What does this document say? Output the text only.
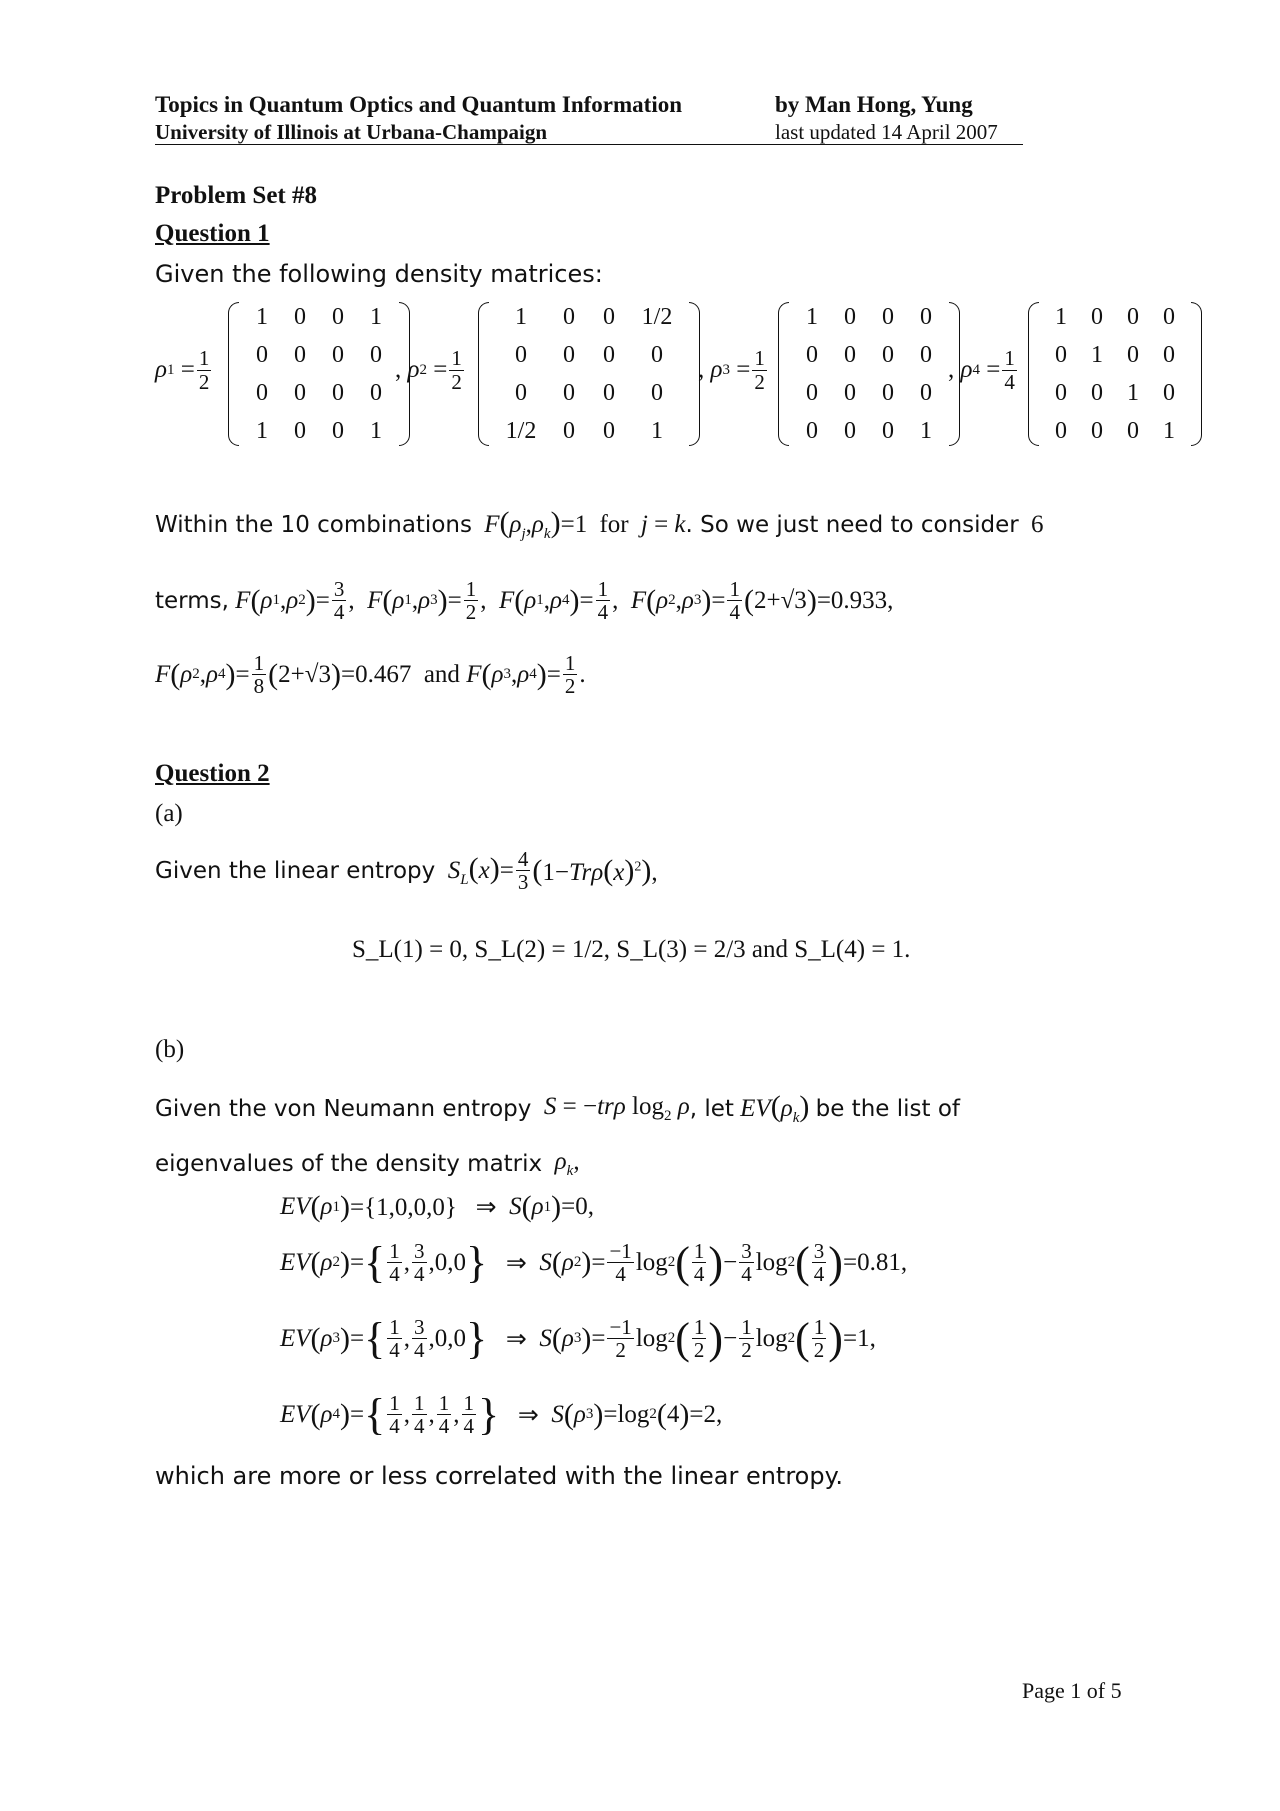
Topics in Quantum Optics and Quantum Information	by Man Hong, Yung
University of Illinois at Urbana-Champaign	last updated 14 April 2007
Problem Set #8
Question 1
Given the following density matrices:
ρ $1 = \frac{1}{2}$
1	0	0	1
0	0	0	0
0	0	0	0
1	0	0	1
, ρ $2 = \frac{1}{2}$
1	0	0	1/2
0	0	0	0
0	0	0	0
1/2	0	0	1
, ρ $3 = \frac{1}{2}$
1	0	0	0
0	0	0	0
0	0	0	0
0	0	0	1
, ρ $4 = \frac{1}{4}$
1	0	0	0
0	1	0	0
0	0	1	0
0	0	0	1
Within the 10 combinations $F(\rho_j,\rho_k)=1$  for j = k. So we just need to consider 6
terms,
F ( ρ 1 , ρ 2 ) = $\frac{3}{4}$ , F ( ρ 1 , ρ 3 ) = $\frac{1}{2}$ , F ( ρ 1 , ρ 4 ) = $\frac{1}{4}$ , F ( ρ 2 , ρ 3 ) = $\frac{1}{4}$ ( 2+√3 ) = 0.933 ,
F ( ρ 2 , ρ 4 ) = $\frac{1}{8}$ ( 2+√3 ) = 0.467
and
F ( ρ 3 , ρ 4 ) = $\frac{1}{2}$ .
Question 2
(a)
Given the linear entropy $S_L(x)= \frac{4}{3} (1-Tr\rho(x)^2)$,
S_L(1) = 0, S_L(2) = 1/2, S_L(3) = 2/3 and S_L(4) = 1.
(b)
Given the von Neumann entropy S = −trρ $\log_2 \rho$ , let $EV(\rho_k)$ be the list of
eigenvalues of the density matrix $\rho_k$,
EV ( ρ 1 ) ={1,0,0,0}   ⇒ S ( ρ 1 ) = 0 ,
EV ( ρ 2 ) = { $\frac{1}{4}$ , $\frac{3}{4} ,0,0$ } ⇒ S ( ρ 2 ) = $\frac{-1}{4}$ log 2 ( $\frac{1}{4}$ ) − $\frac{3}{4}$ log 2 ( $\frac{3}{4}$ ) = 0.81 ,
EV ( ρ 3 ) = { $\frac{1}{4}$ , $\frac{3}{4} ,0,0$ } ⇒ S ( ρ 3 ) = $\frac{-1}{2}$ log 2 ( $\frac{1}{2}$ ) − $\frac{1}{2}$ log 2 ( $\frac{1}{2}$ ) = 1 ,
EV ( ρ 4 ) = { $\frac{1}{4}$ , $\frac{1}{4}$ , $\frac{1}{4}$ , $\frac{1}{4}$ } ⇒ S ( ρ 3 ) =log 2 ( 4 ) = 2 ,
which are more or less correlated with the linear entropy.
Page 1 of 5
